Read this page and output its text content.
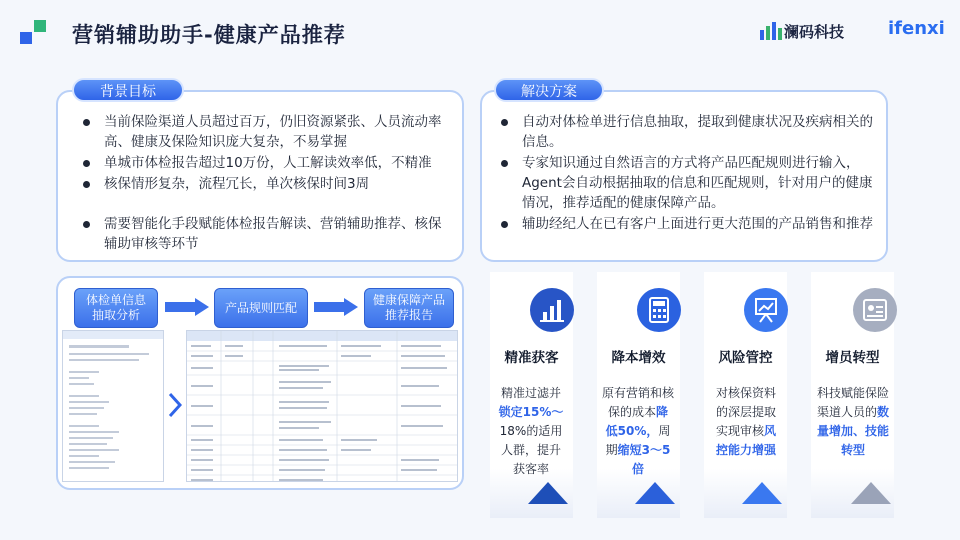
营销辅助助手-健康产品推荐	澜码科技 ifenxi
背景目标
当前保险渠道人员超过百万，仍旧资源紧张、人员流动率高、健康及保险知识庞大复杂，不易掌握
单城市体检报告超过10万份，人工解读效率低，不精准
核保情形复杂，流程冗长，单次核保时间3周
需要智能化手段赋能体检报告解读、营销辅助推荐、核保辅助审核等环节
解决方案
自动对体检单进行信息抽取，提取到健康状况及疾病相关的信息。
专家知识通过自然语言的方式将产品匹配规则进行输入，Agent会自动根据抽取的信息和匹配规则，针对用户的健康情况，推荐适配的健康保障产品。
辅助经纪人在已有客户上面进行更大范围的产品销售和推荐
体检单信息
抽取分析
产品规则匹配
健康保障产品
推荐报告
精准获客	降本增效	风险管控	增员转型
精准过滤并锁定15%～18%的适用人群，提升获客率
原有营销和核保的成本降低50%，周期缩短3～5倍
对核保资料的深层提取实现审核风控能力增强
科技赋能保险渠道人员的数量增加、技能转型
